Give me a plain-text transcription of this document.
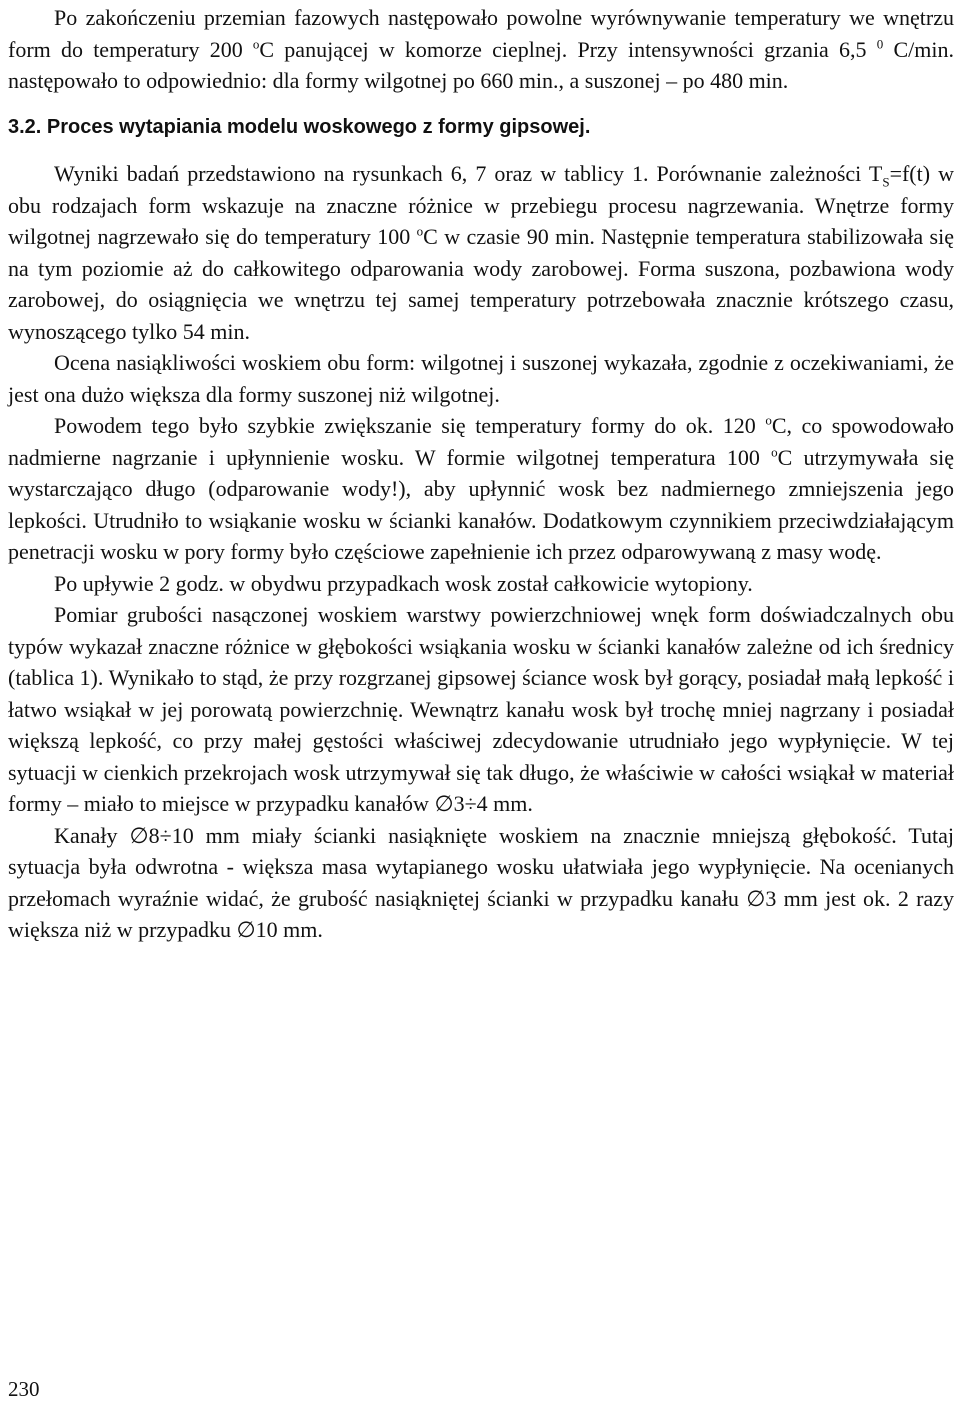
Po zakończeniu przemian fazowych następowało powolne wyrównywanie temperatury we wnętrzu form do temperatury 200 $^o$C panującej w komorze cieplnej. Przy intensywności grzania 6,5 $^0$ C/min. następowało to odpowiednio: dla formy wilgotnej po 660 min., a suszonej – po 480 min.

3.2. Proces wytapiania modelu woskowego z formy gipsowej.

Wyniki badań przedstawiono na rysunkach 6, 7 oraz w tablicy 1. Porównanie zależności $T_S=f(t)$ w obu rodzajach form wskazuje na znaczne różnice w przebiegu procesu nagrzewania. Wnętrze formy wilgotnej nagrzewało się do temperatury 100 $^o$C w czasie 90 min. Następnie temperatura stabilizowała się na tym poziomie aż do całkowitego odparowania wody zarobowej. Forma suszona, pozbawiona wody zarobowej, do osiągnięcia we wnętrzu tej samej temperatury potrzebowała znacznie krótszego czasu, wynoszącego tylko 54 min.

Ocena nasiąkliwości woskiem obu form: wilgotnej i suszonej wykazała, zgodnie z oczekiwaniami, że jest ona dużo większa dla formy suszonej niż wilgotnej.

Powodem tego było szybkie zwiększanie się temperatury formy do ok. 120 $^o$C, co spowodowało nadmierne nagrzanie i upłynnienie wosku. W formie wilgotnej temperatura 100 $^o$C utrzymywała się wystarczająco długo (odparowanie wody!), aby upłynnić wosk bez nadmiernego zmniejszenia jego lepkości. Utrudniło to wsiąkanie wosku w ścianki kanałów. Dodatkowym czynnikiem przeciwdziałającym penetracji wosku w pory formy było częściowe zapełnienie ich przez odparowywaną z masy wodę.

Po upływie 2 godz. w obydwu przypadkach wosk został całkowicie wytopiony.

Pomiar grubości nasączonej woskiem warstwy powierzchniowej wnęk form doświadczalnych obu typów wykazał znaczne różnice w głębokości wsiąkania wosku w ścianki kanałów zależne od ich średnicy (tablica 1). Wynikało to stąd, że przy rozgrzanej gipsowej ściance wosk był gorący, posiadał małą lepkość i łatwo wsiąkał w jej porowatą powierzchnię. Wewnątrz kanału wosk był trochę mniej nagrzany i posiadał większą lepkość, co przy małej gęstości właściwej zdecydowanie utrudniało jego wypłynięcie. W tej sytuacji w cienkich przekrojach wosk utrzymywał się tak długo, że właściwie w całości wsiąkał w materiał formy – miało to miejsce w przypadku kanałów ∅3÷4 mm.

Kanały ∅8÷10 mm miały ścianki nasiąknięte woskiem na znacznie mniejszą głębokość. Tutaj sytuacja była odwrotna - większa masa wytapianego wosku ułatwiała jego wypłynięcie. Na ocenianych przełomach wyraźnie widać, że grubość nasiąkniętej ścianki w przypadku kanału ∅3 mm jest ok. 2 razy większa niż w przypadku ∅10 mm.

230
